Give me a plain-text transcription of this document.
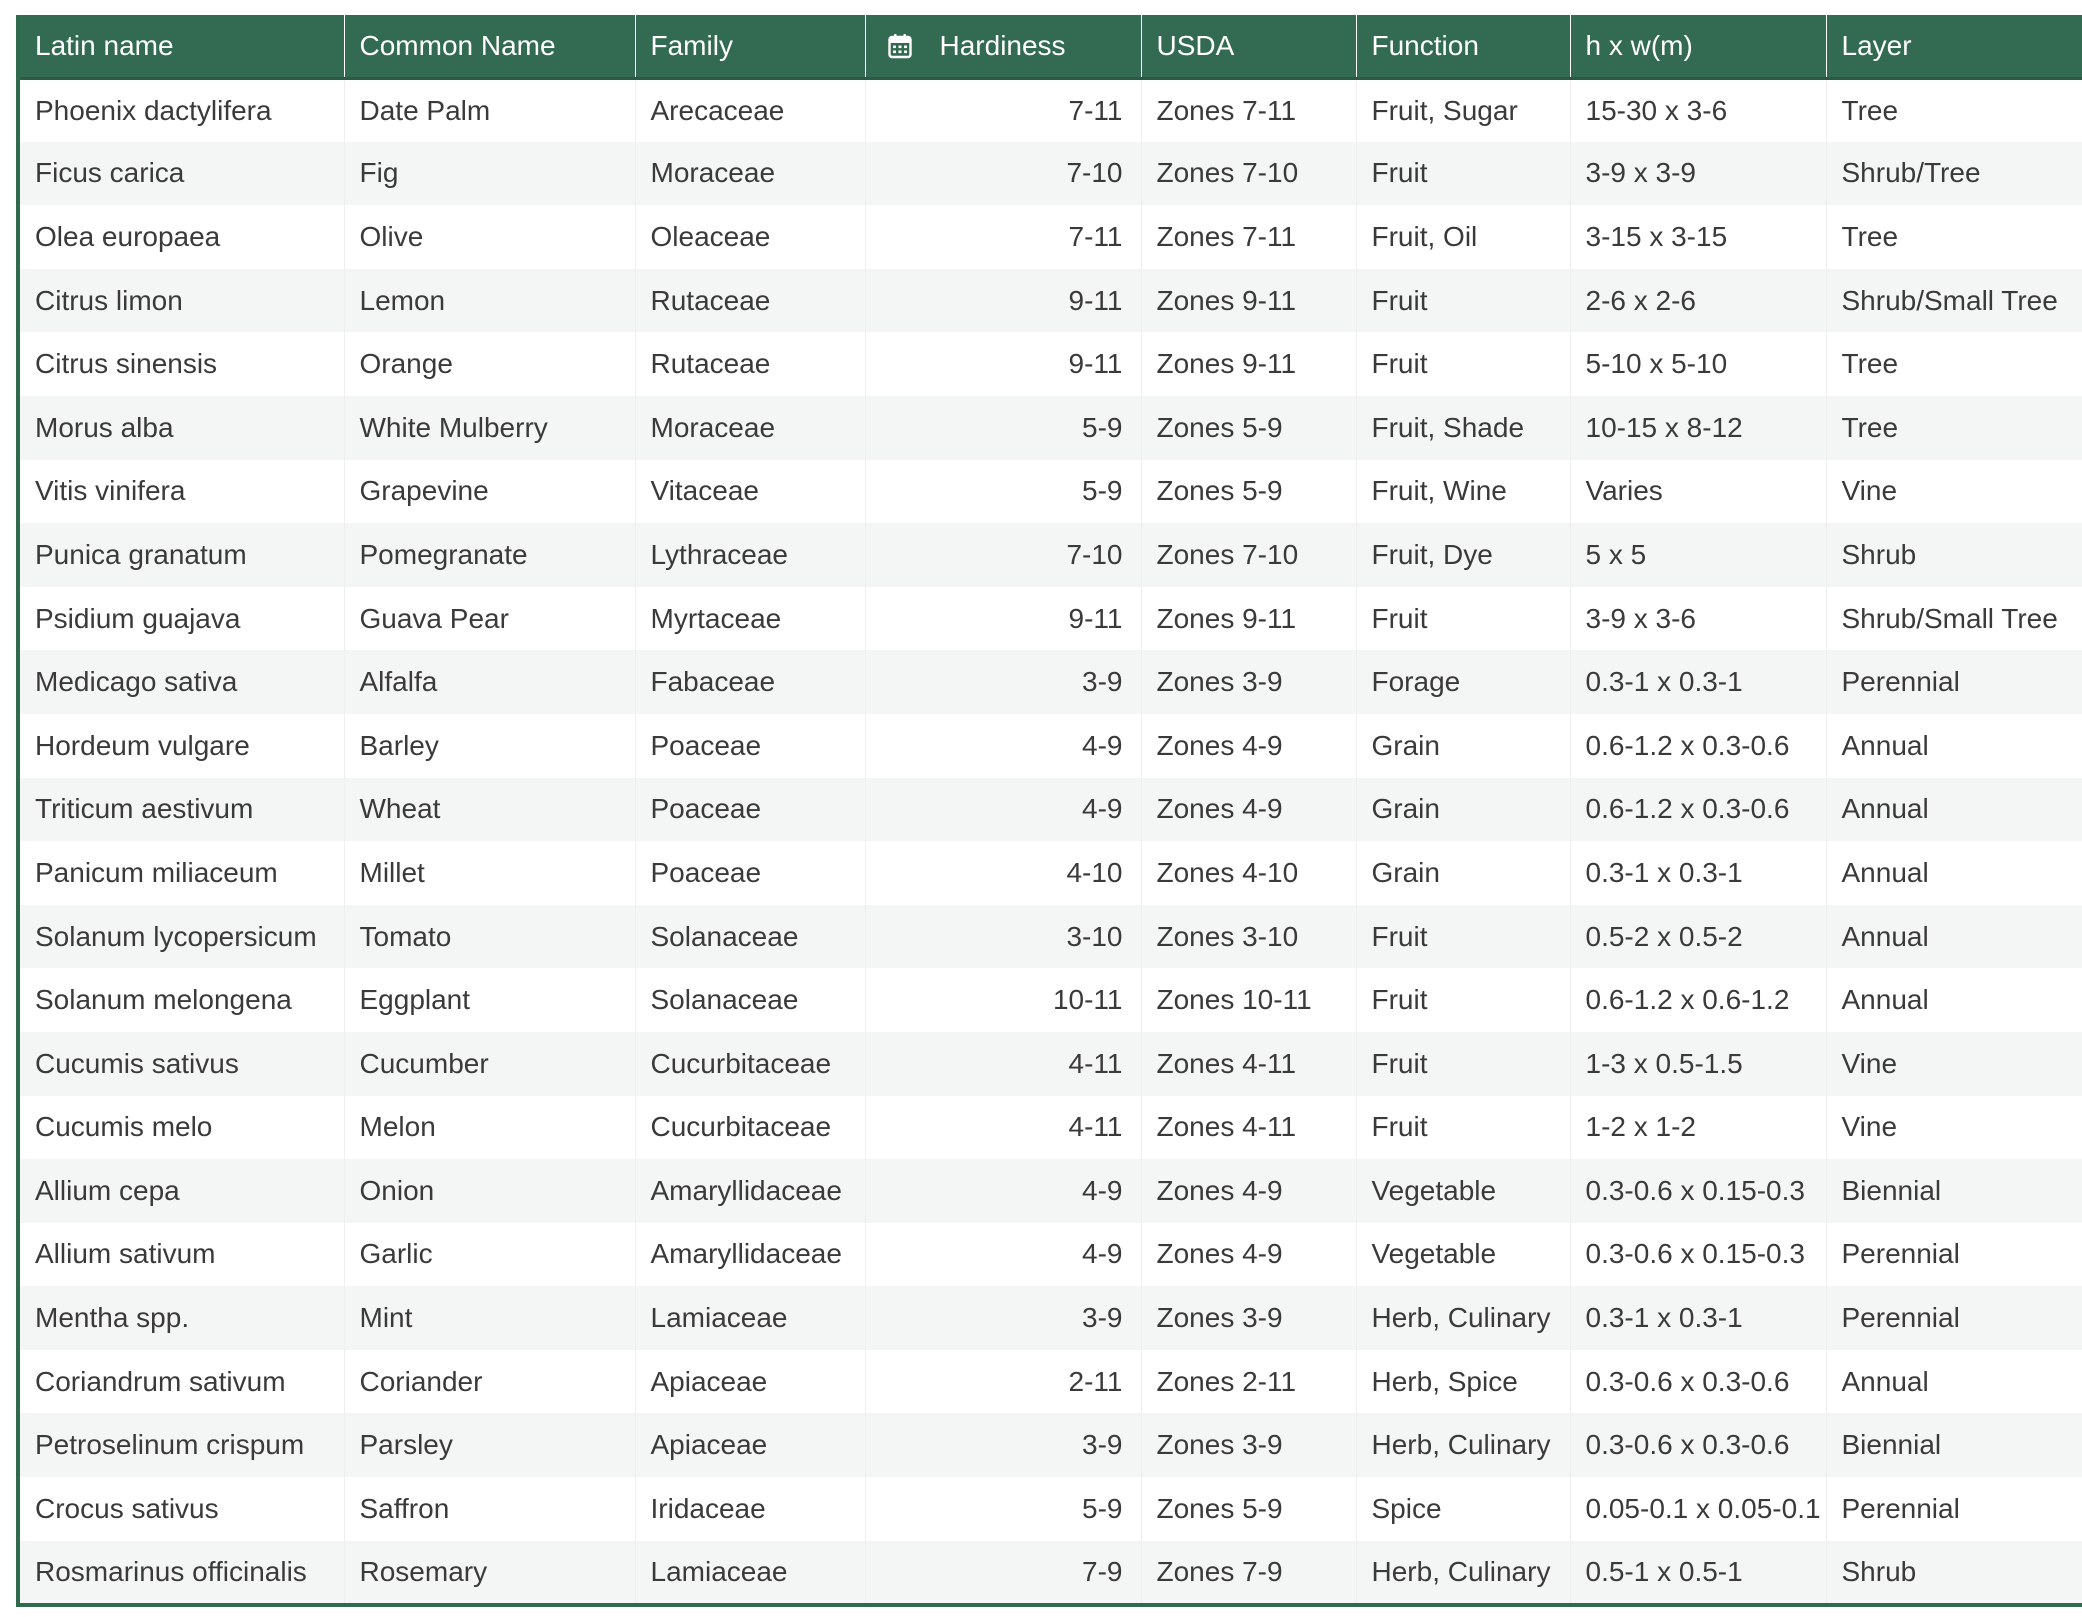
Latin name	Common Name	Family	Hardiness	USDA	Function	h x w(m)	Layer
Phoenix dactylifera	Date Palm	Arecaceae	7-11	Zones 7-11	Fruit, Sugar	15-30 x 3-6	Tree
Ficus carica	Fig	Moraceae	7-10	Zones 7-10	Fruit	3-9 x 3-9	Shrub/Tree
Olea europaea	Olive	Oleaceae	7-11	Zones 7-11	Fruit, Oil	3-15 x 3-15	Tree
Citrus limon	Lemon	Rutaceae	9-11	Zones 9-11	Fruit	2-6 x 2-6	Shrub/Small Tree
Citrus sinensis	Orange	Rutaceae	9-11	Zones 9-11	Fruit	5-10 x 5-10	Tree
Morus alba	White Mulberry	Moraceae	5-9	Zones 5-9	Fruit, Shade	10-15 x 8-12	Tree
Vitis vinifera	Grapevine	Vitaceae	5-9	Zones 5-9	Fruit, Wine	Varies	Vine
Punica granatum	Pomegranate	Lythraceae	7-10	Zones 7-10	Fruit, Dye	5 x 5	Shrub
Psidium guajava	Guava Pear	Myrtaceae	9-11	Zones 9-11	Fruit	3-9 x 3-6	Shrub/Small Tree
Medicago sativa	Alfalfa	Fabaceae	3-9	Zones 3-9	Forage	0.3-1 x 0.3-1	Perennial
Hordeum vulgare	Barley	Poaceae	4-9	Zones 4-9	Grain	0.6-1.2 x 0.3-0.6	Annual
Triticum aestivum	Wheat	Poaceae	4-9	Zones 4-9	Grain	0.6-1.2 x 0.3-0.6	Annual
Panicum miliaceum	Millet	Poaceae	4-10	Zones 4-10	Grain	0.3-1 x 0.3-1	Annual
Solanum lycopersicum	Tomato	Solanaceae	3-10	Zones 3-10	Fruit	0.5-2 x 0.5-2	Annual
Solanum melongena	Eggplant	Solanaceae	10-11	Zones 10-11	Fruit	0.6-1.2 x 0.6-1.2	Annual
Cucumis sativus	Cucumber	Cucurbitaceae	4-11	Zones 4-11	Fruit	1-3 x 0.5-1.5	Vine
Cucumis melo	Melon	Cucurbitaceae	4-11	Zones 4-11	Fruit	1-2 x 1-2	Vine
Allium cepa	Onion	Amaryllidaceae	4-9	Zones 4-9	Vegetable	0.3-0.6 x 0.15-0.3	Biennial
Allium sativum	Garlic	Amaryllidaceae	4-9	Zones 4-9	Vegetable	0.3-0.6 x 0.15-0.3	Perennial
Mentha spp.	Mint	Lamiaceae	3-9	Zones 3-9	Herb, Culinary	0.3-1 x 0.3-1	Perennial
Coriandrum sativum	Coriander	Apiaceae	2-11	Zones 2-11	Herb, Spice	0.3-0.6 x 0.3-0.6	Annual
Petroselinum crispum	Parsley	Apiaceae	3-9	Zones 3-9	Herb, Culinary	0.3-0.6 x 0.3-0.6	Biennial
Crocus sativus	Saffron	Iridaceae	5-9	Zones 5-9	Spice	0.05-0.1 x 0.05-0.1	Perennial
Rosmarinus officinalis	Rosemary	Lamiaceae	7-9	Zones 7-9	Herb, Culinary	0.5-1 x 0.5-1	Shrub
